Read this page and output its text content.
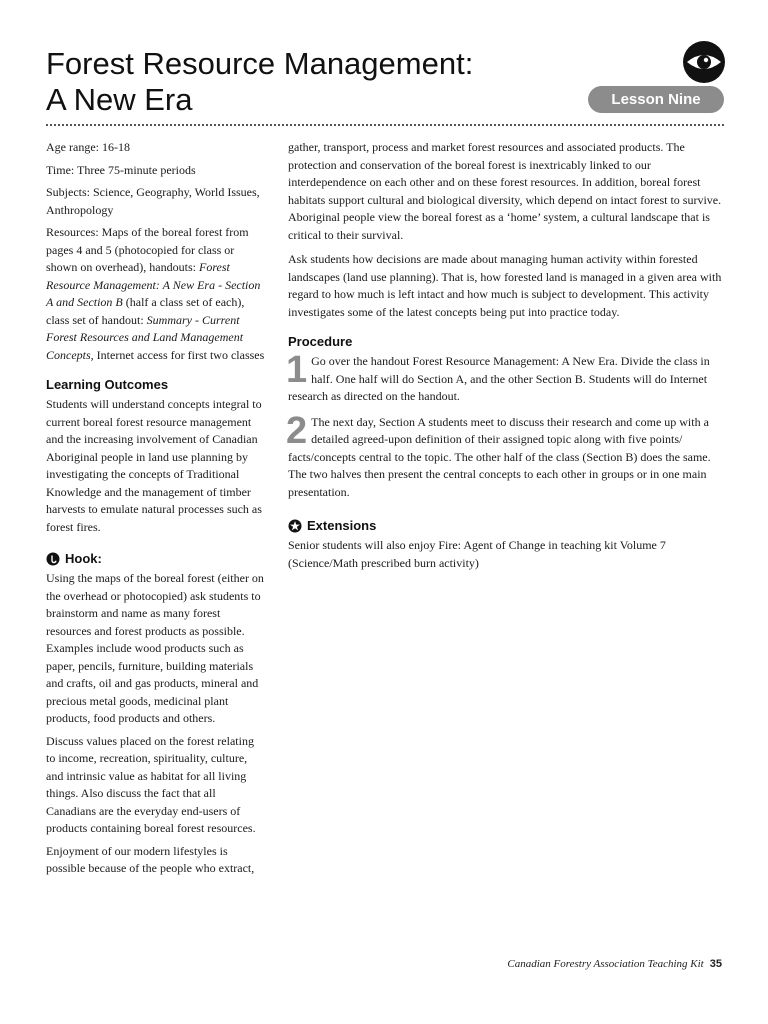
Forest Resource Management:
A New Era	Lesson Nine

Age range: 16-18

Time: Three 75-minute periods

Subjects: Science, Geography, World Issues, Anthropology

Resources: Maps of the boreal forest from pages 4 and 5 (photocopied for class or shown on overhead), handouts: Forest Resource Management: A New Era - Section A and Section B (half a class set of each), class set of handout: Summary - Current Forest Resources and Land Management Concepts, Internet access for first two classes

Learning Outcomes

Students will understand concepts integral to current boreal forest resource management and the increasing involvement of Canadian Aboriginal people in land use planning by investigating the concepts of Traditional Knowledge and the management of timber harvests to emulate natural processes such as forest fires.

Hook:

Using the maps of the boreal forest (either on the overhead or photocopied) ask students to brainstorm and name as many forest resources and forest products as possible. Examples include wood products such as paper, pencils, furniture, building materials and crafts, oil and gas products, mineral and precious metal goods, medicinal plant products, food products and others.

Discuss values placed on the forest relating to income, recreation, spirituality, culture, and intrinsic value as habitat for all living things. Also discuss the fact that all Canadians are the everyday end-users of products containing boreal forest resources.

Enjoyment of our modern lifestyles is possible because of the people who extract,

gather, transport, process and market forest resources and associated products. The protection and conservation of the boreal forest is inextricably linked to our interdependence on each other and on these forest resources. In addition, boreal forest habitats support cultural and biological diversity, which depend on intact forest to survive. Aboriginal people view the boreal forest as a ‘home’ system, a cultural landscape that is critical to their survival.

Ask students how decisions are made about managing human activity within forested landscapes (land use planning). That is, how forested land is managed in a given area with regard to how much is left intact and how much is subject to development. This activity investigates some of the latest concepts being put into practice today.

Procedure
1 Go over the handout Forest Resource Management: A New Era. Divide the class in half. One half will do Section A, and the other Section B. Students will do Internet research as directed on the handout.
2 The next day, Section A students meet to discuss their research and come up with a detailed agreed-upon definition of their assigned topic along with five points/ facts/concepts central to the topic. The other half of the class (Section B) does the same. The two halves then present the central concepts to each other in groups or in one main presentation.
Extensions

Senior students will also enjoy Fire: Agent of Change in teaching kit Volume 7 (Science/Math prescribed burn activity)

Canadian Forestry Association Teaching Kit 35
